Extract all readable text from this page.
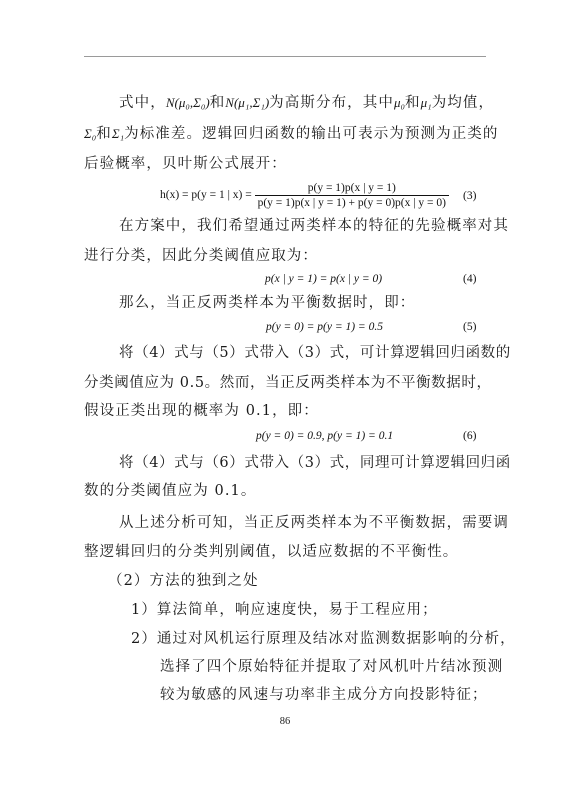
式中，N(μ₀,Σ₀)和N(μ₁,Σ₁)为高斯分布，其中μ₀和μ₁为均值，
Σ₀和Σ₁为标准差。逻辑回归函数的输出可表示为预测为正类的
后验概率，贝叶斯公式展开：
h(x) = p(y = 1 | $x) = \frac{p(y = 1)p(x | y = 1)}{p(y = 1)p(x | y = 1) + p(y = 0)p(x | y = 0)} (3)$
在方案中，我们希望通过两类样本的特征的先验概率对其
进行分类，因此分类阈值应取为：
p(x | y = 1) = p(x | y = 0)	(4)
那么，当正反两类样本为平衡数据时，即：
p(y = 0) = p(y = 1) = 0.5	(5)
将（4）式与（5）式带入（3）式，可计算逻辑回归函数的
分类阈值应为 0.5。然而，当正反两类样本为不平衡数据时，
假设正类出现的概率为 0.1，即：
p(y = 0) = 0.9, p(y = 1) = 0.1	(6)
将（4）式与（6）式带入（3）式，同理可计算逻辑回归函
数的分类阈值应为 0.1。
从上述分析可知，当正反两类样本为不平衡数据，需要调
整逻辑回归的分类判别阈值，以适应数据的不平衡性。
（2）方法的独到之处
1）算法简单，响应速度快，易于工程应用；
2）通过对风机运行原理及结冰对监测数据影响的分析，
选择了四个原始特征并提取了对风机叶片结冰预测
较为敏感的风速与功率非主成分方向投影特征；
86
